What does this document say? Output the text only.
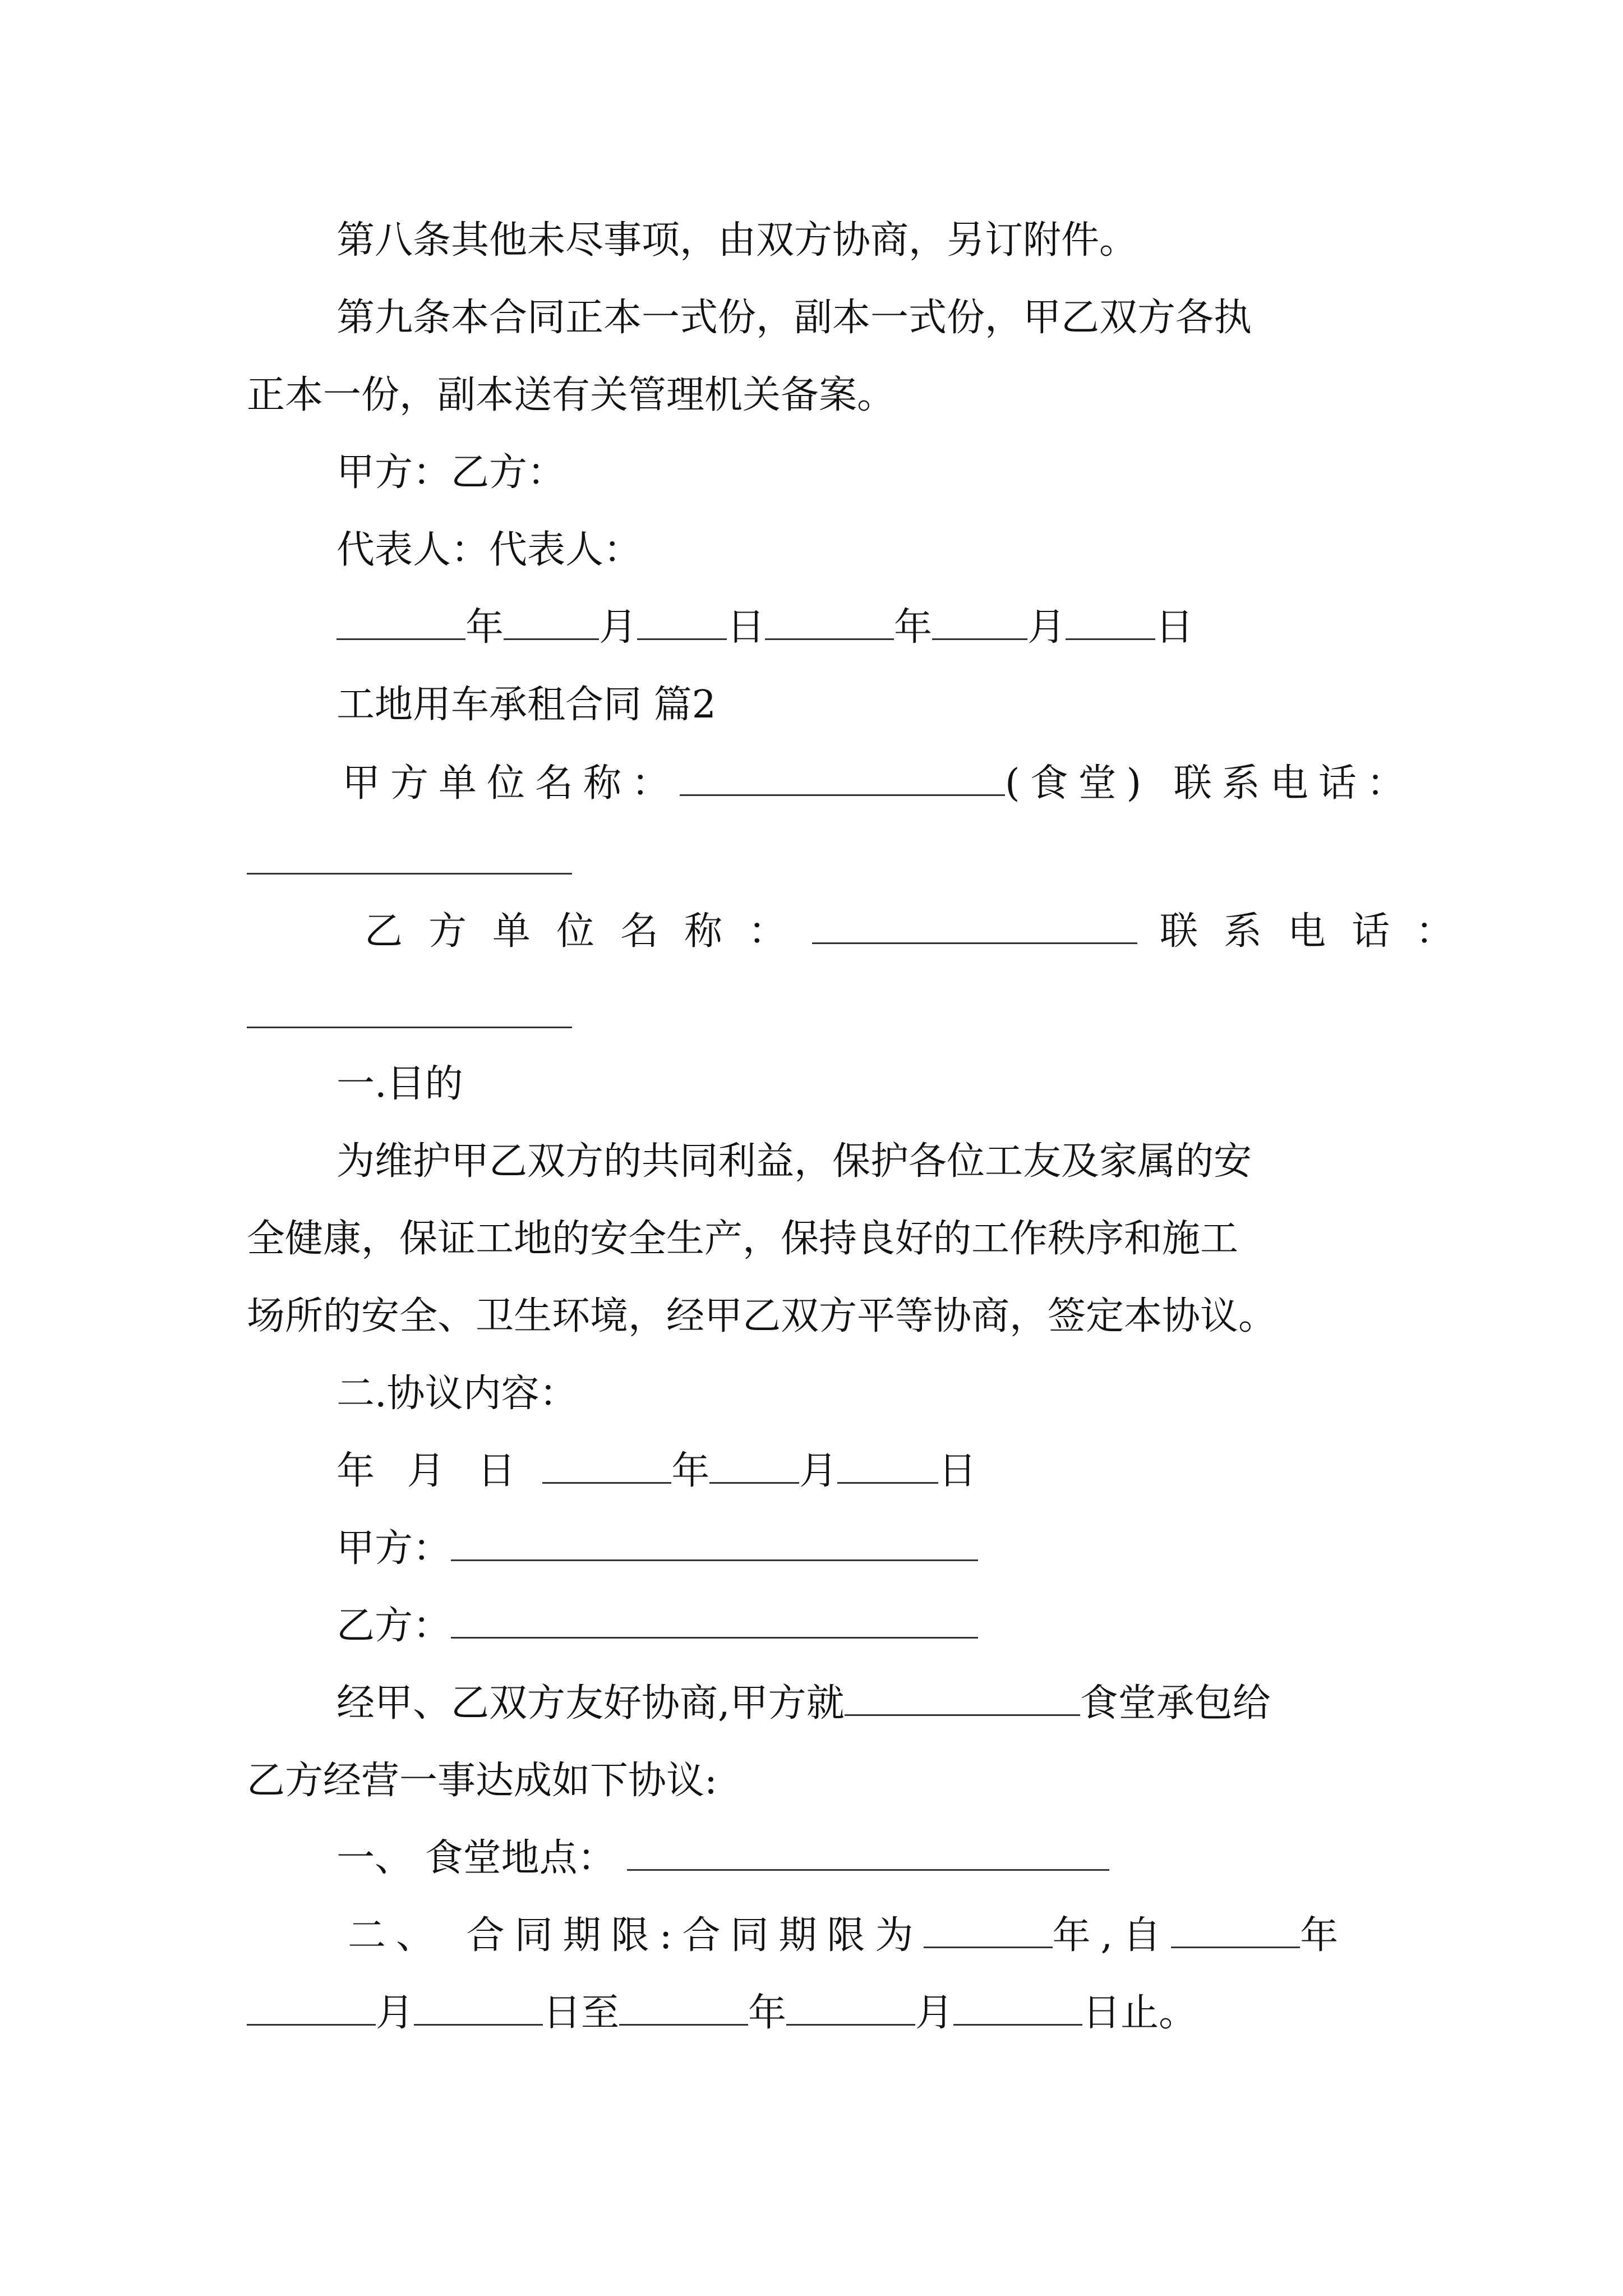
第八条其他未尽事项，由双方协商，另订附件。
第九条本合同正本一式份，副本一式份，甲乙双方各执
正本一份，副本送有关管理机关备案。
甲方：乙方：
代表人：代表人：
年	月 日	年	月 日
工地用车承租合同 篇2
甲方单位名称：	(食堂) 联系电话：
乙方单位名称：	联系电话：
一.目的
为维护甲乙双方的共同利益，保护各位工友及家属的安
全健康，保证工地的安全生产，保持良好的工作秩序和施工
场所的安全、卫生环境，经甲乙双方平等协商，签定本协议。
二.协议内容：
年 月 日	年 月	日
甲方：
乙方：
经甲、乙双方友好协商,甲方就	食堂承包给
乙方经营一事达成如下协议:
一、 食堂地点：
二、 合同期限:合同期限为	年,自	年
月	日至	年	月	日止。
